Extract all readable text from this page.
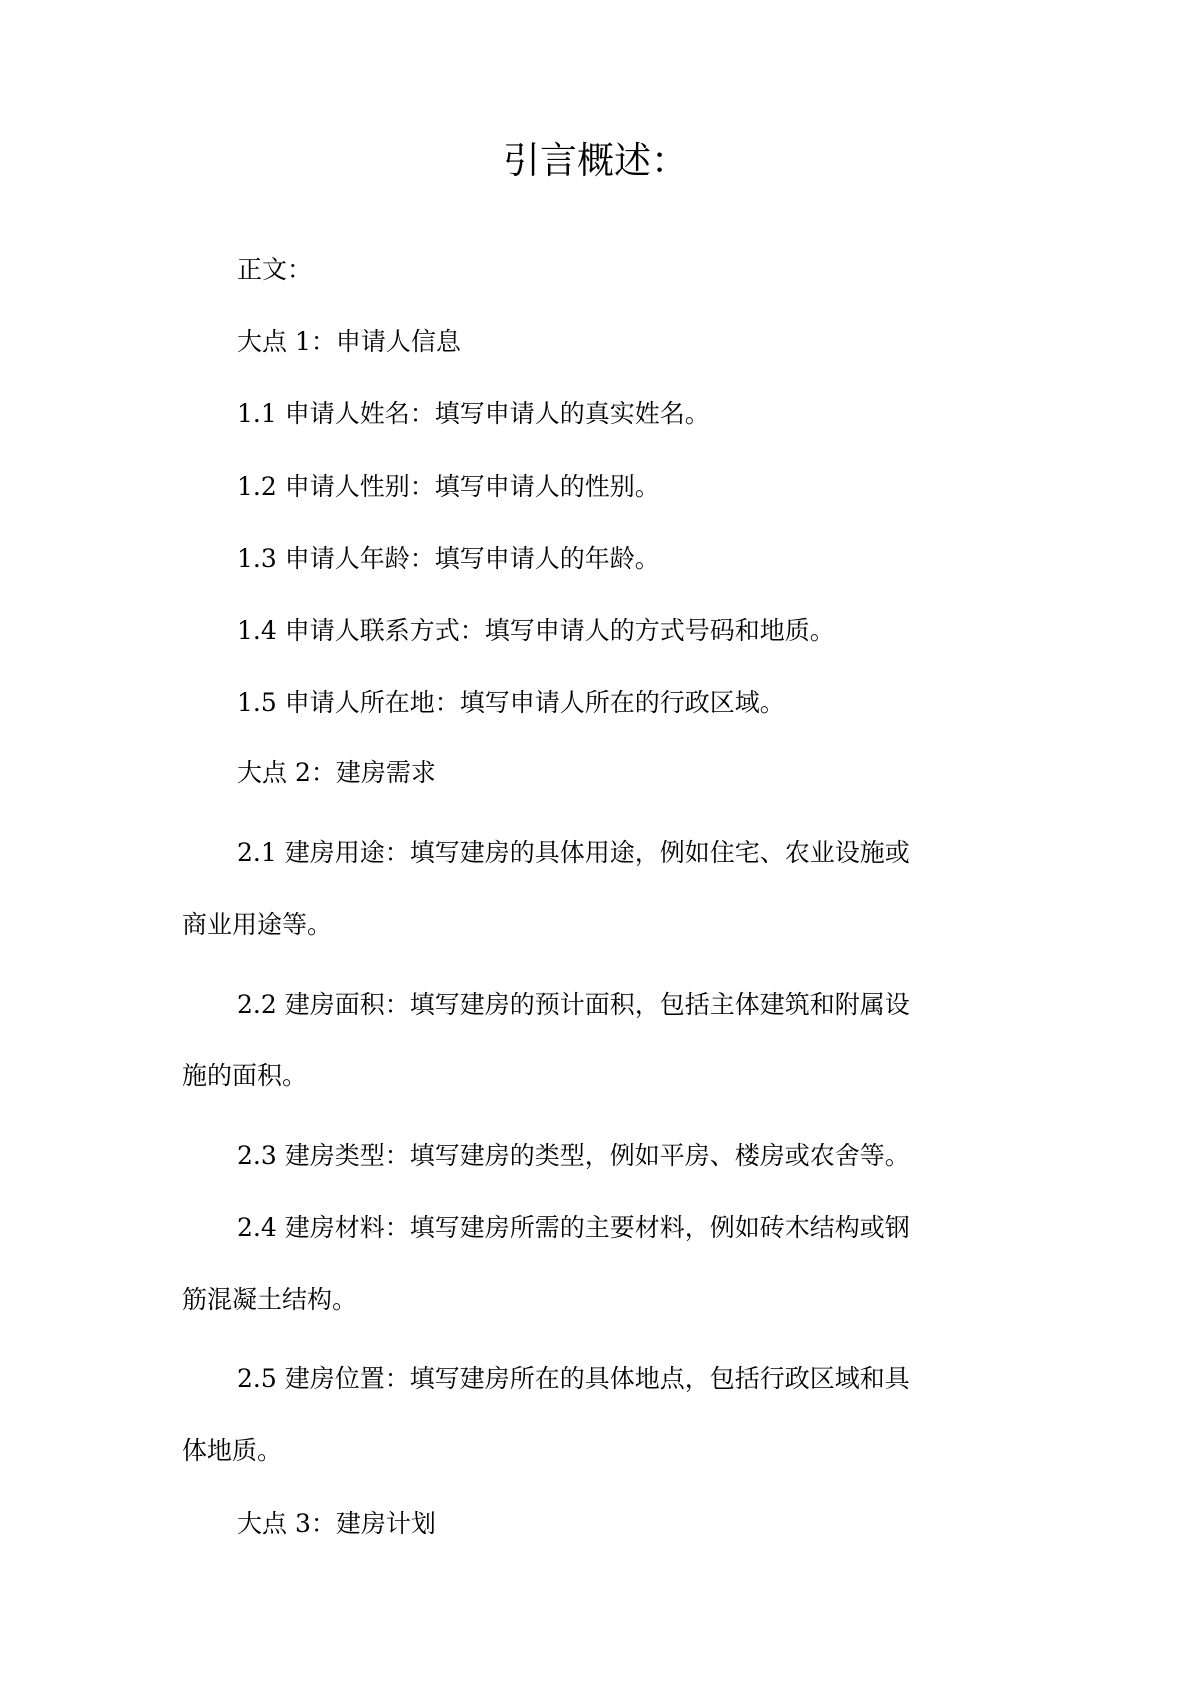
引言概述：
正文：
大点 1：申请人信息
1.1 申请人姓名：填写申请人的真实姓名。
1.2 申请人性别：填写申请人的性别。
1.3 申请人年龄：填写申请人的年龄。
1.4 申请人联系方式：填写申请人的方式号码和地质。
1.5 申请人所在地：填写申请人所在的行政区域。
大点 2：建房需求
2.1 建房用途：填写建房的具体用途，例如住宅、农业设施或
商业用途等。
2.2 建房面积：填写建房的预计面积，包括主体建筑和附属设
施的面积。
2.3 建房类型：填写建房的类型，例如平房、楼房或农舍等。
2.4 建房材料：填写建房所需的主要材料，例如砖木结构或钢
筋混凝土结构。
2.5 建房位置：填写建房所在的具体地点，包括行政区域和具
体地质。
大点 3：建房计划
